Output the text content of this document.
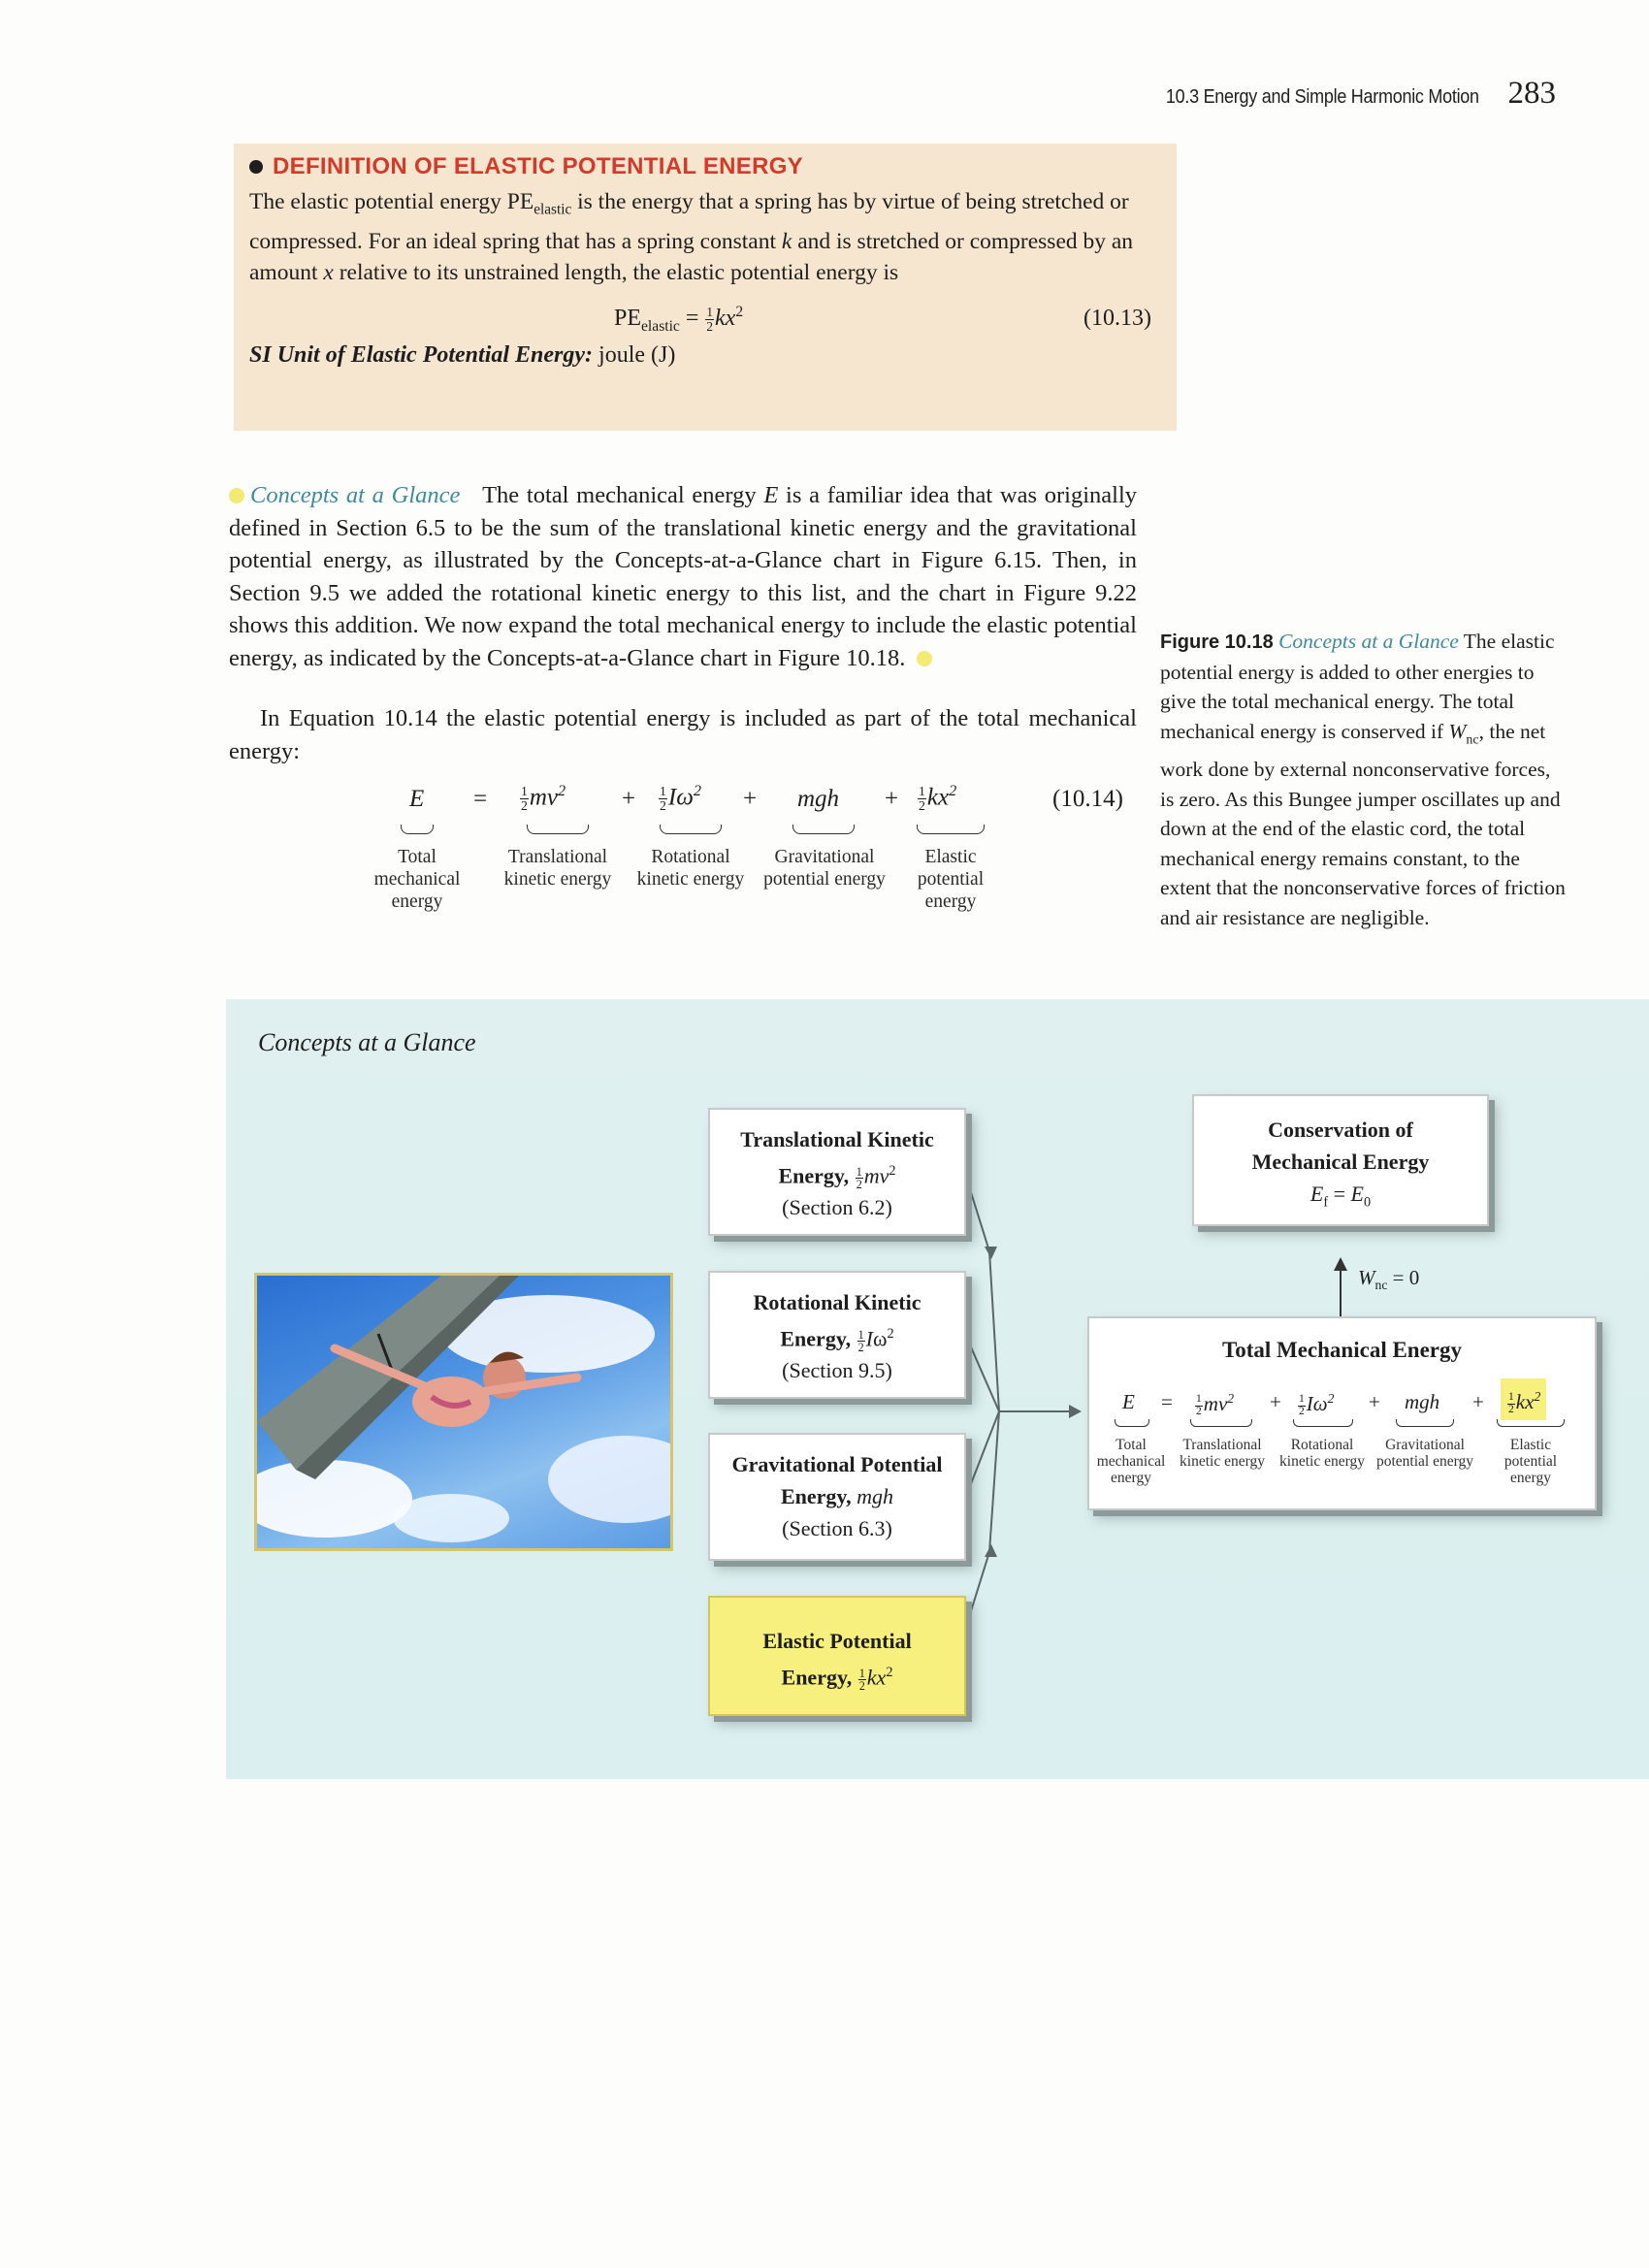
10.3 Energy and Simple Harmonic Motion 283
DEFINITION OF ELASTIC POTENTIAL ENERGY
The elastic potential energy $PE_{elastic}$ is the energy that a spring has by virtue of being stretched or compressed. For an ideal spring that has a spring constant k and is stretched or compressed by an amount x relative to its unstrained length, the elastic potential energy is
$PE_{elastic} = \frac{1}{2} kx^2$	(10.13)
SI Unit of Elastic Potential Energy: joule (J)
Concepts at a Glance   The total mechanical energy E is a familiar idea that was originally defined in Section 6.5 to be the sum of the translational kinetic energy and the gravitational potential energy, as illustrated by the Concepts-at-a-Glance chart in Figure 6.15. Then, in Section 9.5 we added the rotational kinetic energy to this list, and the chart in Figure 9.22 shows this addition. We now expand the total mechanical energy to include the elastic potential energy, as indicated by the Concepts-at-a-Glance chart in Figure 10.18.
In Equation 10.14 the elastic potential energy is included as part of the total mechanical energy:
$E = \frac{1}{2} mv^2 + \frac{1}{2} I\omega^2$ + mgh + $\frac{1}{2} kx^2$	(10.14)
Total mechanical energy
Translational kinetic energy
Rotational kinetic energy
Gravitational potential energy
Elastic potential energy
Figure 10.18 Concepts at a Glance The elastic potential energy is added to other energies to give the total mechanical energy. The total mechanical energy is conserved if $W_{nc}$, the net work done by external nonconservative forces, is zero. As this Bungee jumper oscillates up and down at the end of the elastic cord, the total mechanical energy remains constant, to the extent that the nonconservative forces of friction and air resistance are negligible.
Concepts at a Glance
Translational Kinetic
Energy, $\frac{1}{2} mv^2$
(Section 6.2)
Rotational Kinetic
Energy, $\frac{1}{2} I\omega^2$
(Section 9.5)
Gravitational Potential
Energy, mgh
(Section 6.3)
Elastic Potential
Energy, $\frac{1}{2} kx^2$
Conservation of
Mechanical Energy
$E_f = E_0$
$W_{nc} = 0$
Total Mechanical Energy
$E = \frac{1}{2} mv^2 + \frac{1}{2} I\omega^2$ + mgh + $\frac{1}{2} kx^2$
Total mechanical energy
Translational kinetic energy
Rotational kinetic energy
Gravitational potential energy
Elastic potential energy
